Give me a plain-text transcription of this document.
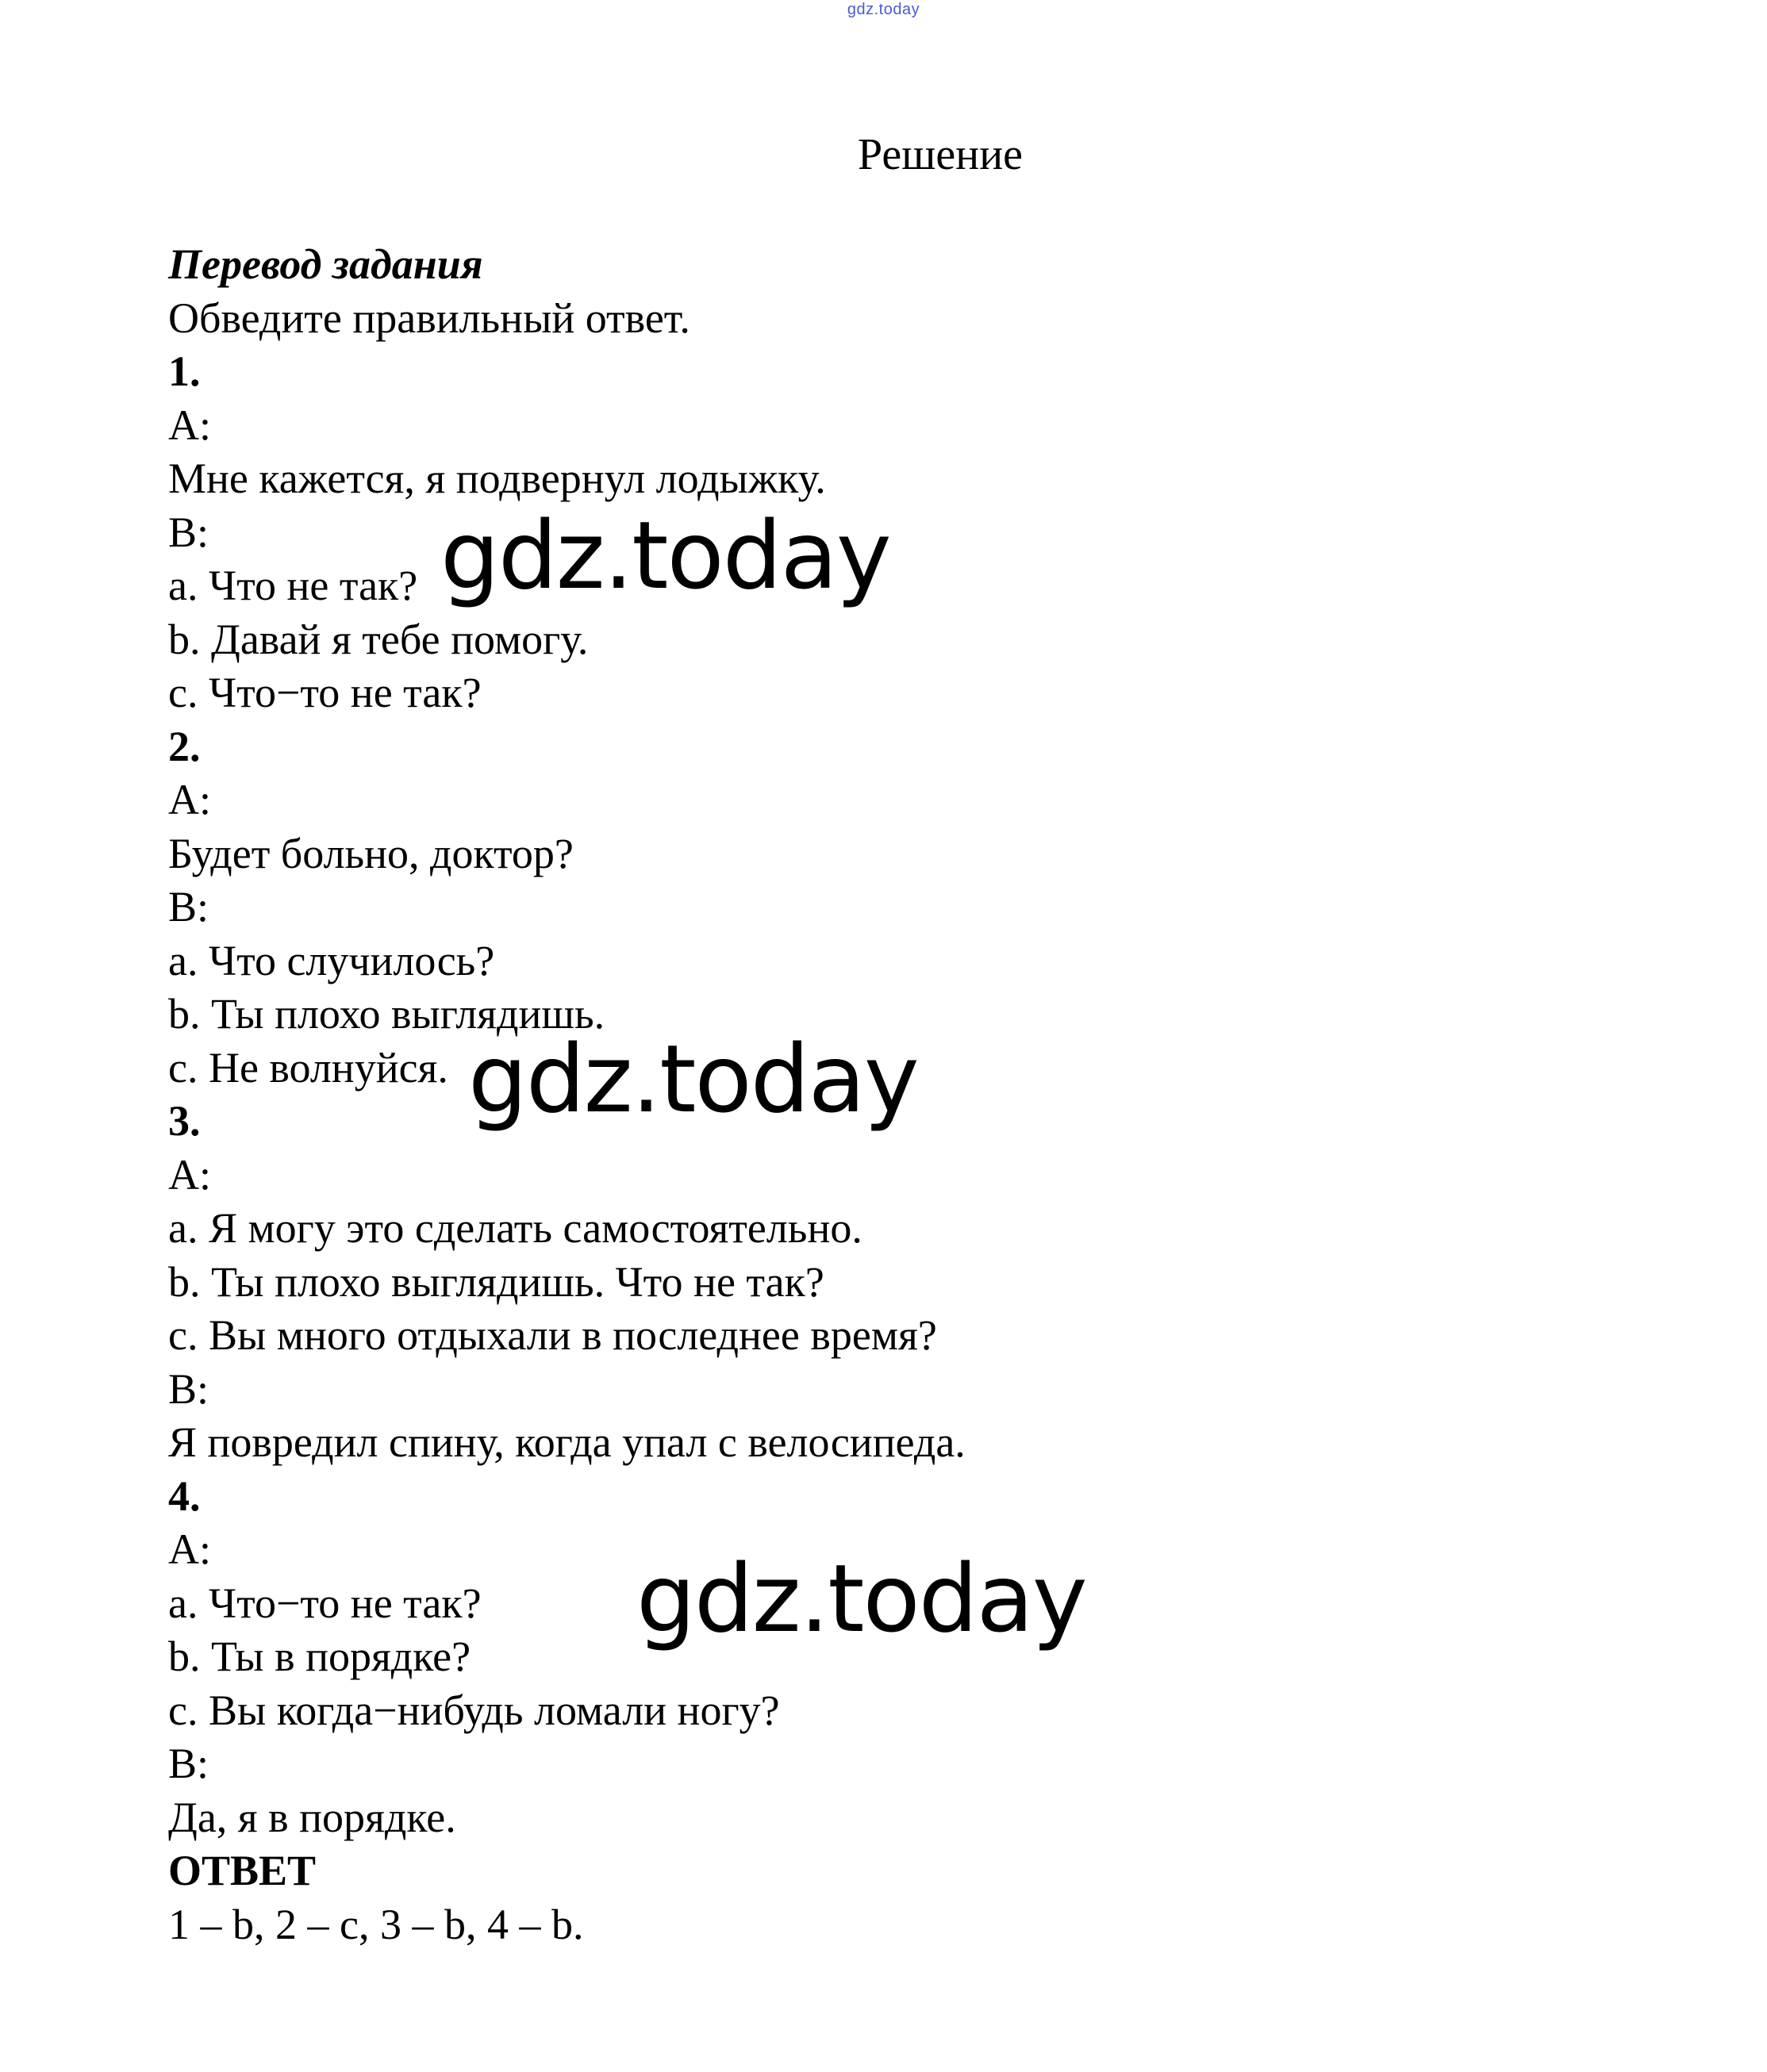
gdz.today
Решение
Перевод задания
Обведите правильный ответ.
1.
A:
Мне кажется, я подвернул лодыжку.
B:
a. Что не так?
b. Давай я тебе помогу.
c. Что−то не так?
2.
A:
Будет больно, доктор?
B:
a. Что случилось?
b. Ты плохо выглядишь.
c. Не волнуйся.
3.
A:
a. Я могу это сделать самостоятельно.
b. Ты плохо выглядишь. Что не так?
c. Вы много отдыхали в последнее время?
B:
Я повредил спину, когда упал с велосипеда.
4.
A:
a. Что−то не так?
b. Ты в порядке?
c. Вы когда−нибудь ломали ногу?
B:
Да, я в порядке.
ОТВЕТ
1 – b, 2 – c, 3 – b, 4 – b.
gdz.today
gdz.today
gdz.today
